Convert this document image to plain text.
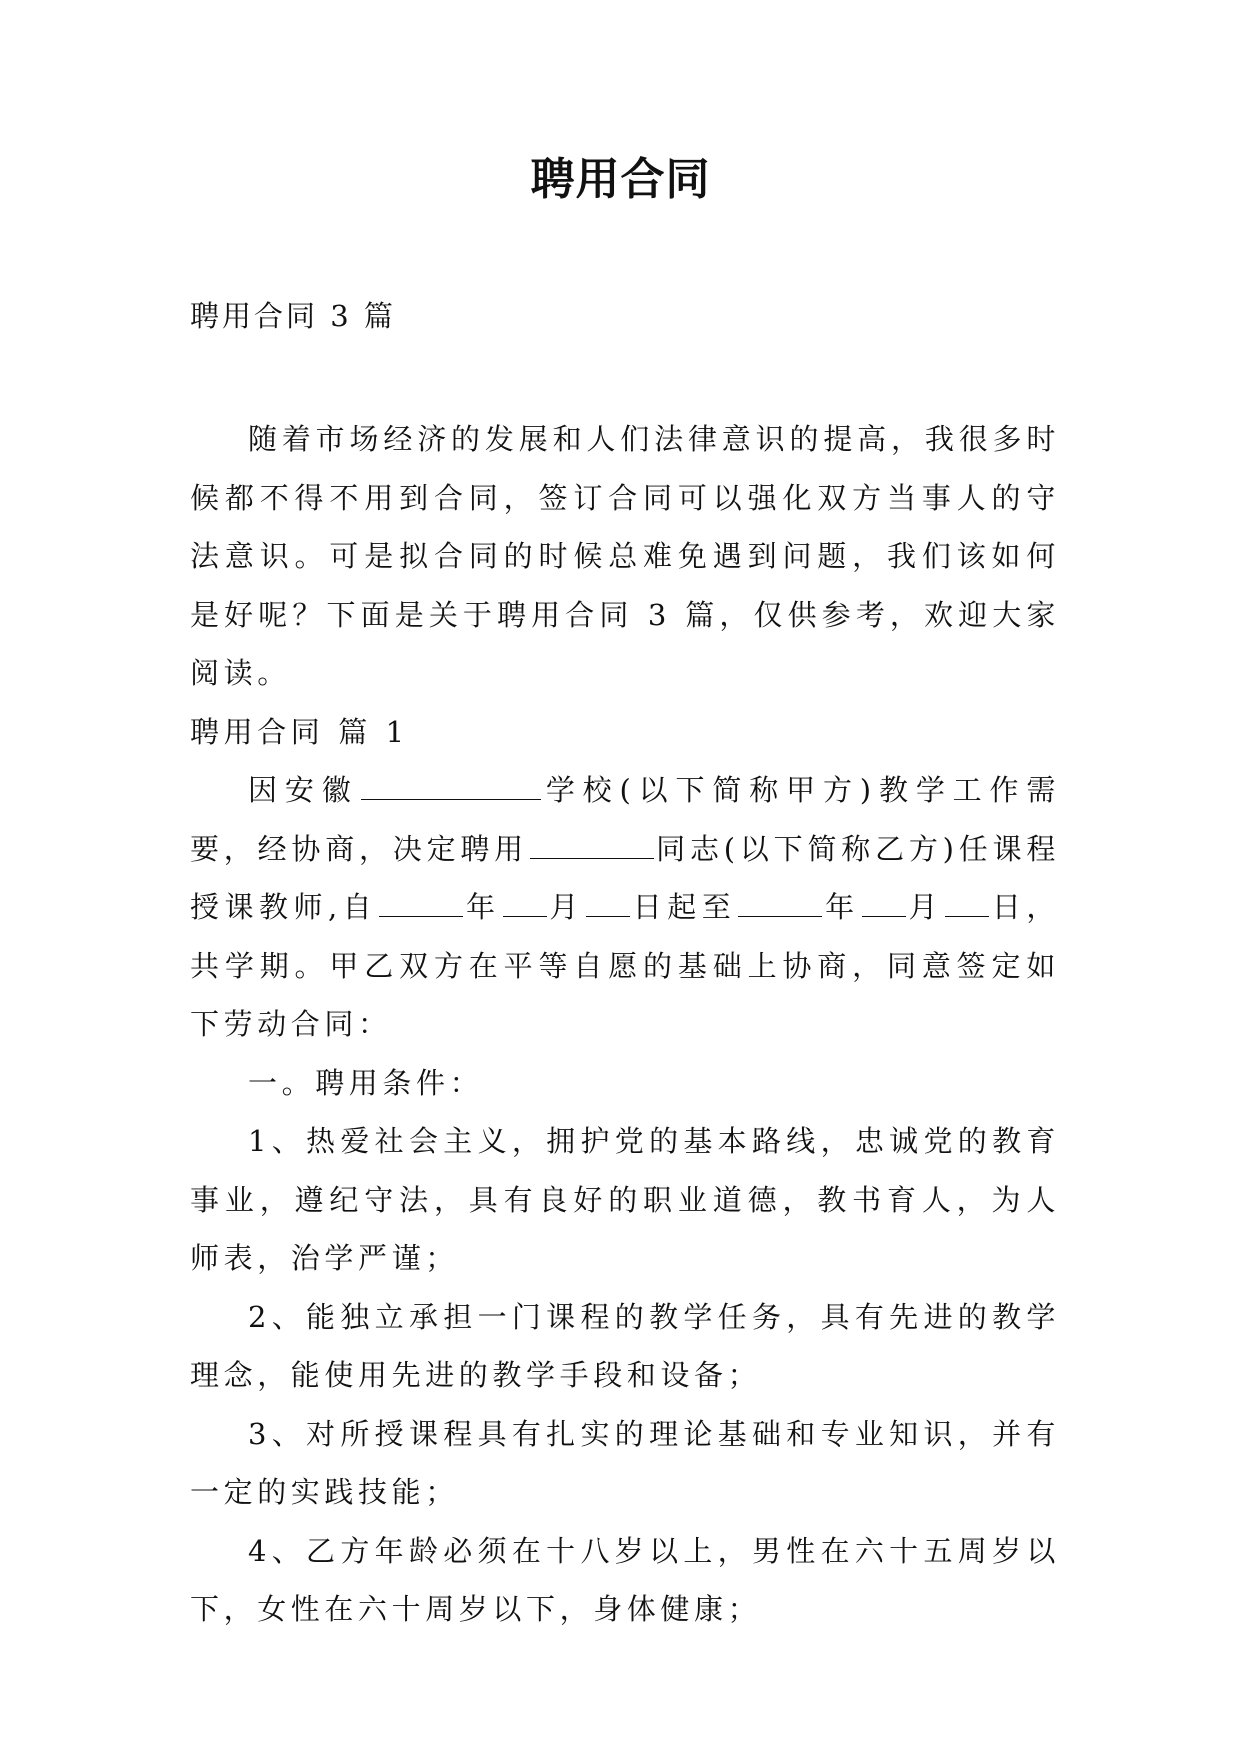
聘用合同
聘用合同 3 篇

随着市场经济的发展和人们法律意识的提高，我很多时候都不得不用到合同，签订合同可以强化双方当事人的守法意识。可是拟合同的时候总难免遇到问题，我们该如何是好呢？下面是关于聘用合同 3 篇，仅供参考，欢迎大家阅读。

聘用合同 篇 1

因安徽	学校(以下简称甲方)教学工作需要，经协商，决定聘用	同志(以下简称乙方)任课程授课教师,自	年 月 日起至	年 月 日，共学期。甲乙双方在平等自愿的基础上协商，同意签定如下劳动合同：

一。聘用条件：

1、热爱社会主义，拥护党的基本路线，忠诚党的教育事业，遵纪守法，具有良好的职业道德，教书育人，为人师表，治学严谨；

2、能独立承担一门课程的教学任务，具有先进的教学理念，能使用先进的教学手段和设备；

3、对所授课程具有扎实的理论基础和专业知识，并有一定的实践技能；

4、乙方年龄必须在十八岁以上，男性在六十五周岁以下，女性在六十周岁以下，身体健康；
